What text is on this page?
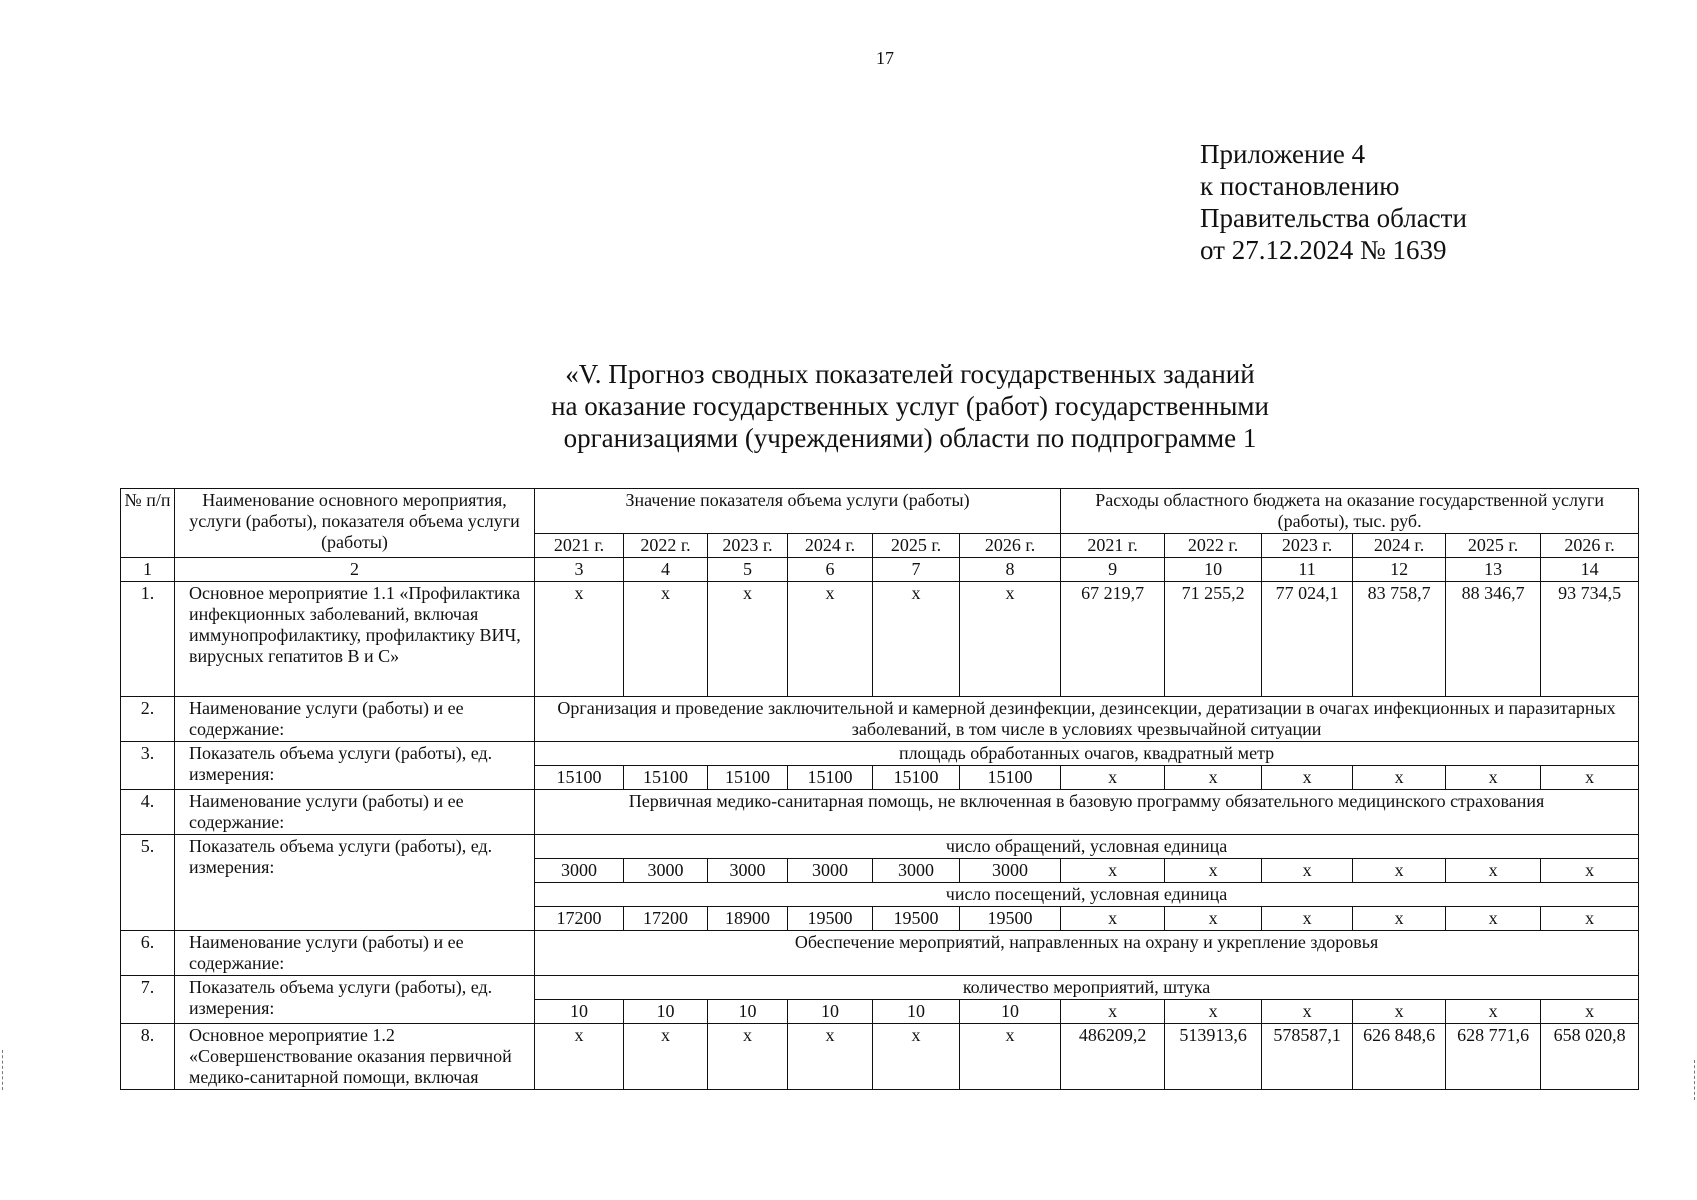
17
Приложение 4
к постановлению
Правительства области
от 27.12.2024 № 1639
«V. Прогноз сводных показателей государственных заданий
на оказание государственных услуг (работ) государственными
организациями (учреждениями) области по подпрограмме 1
№ п/п	Наименование основного мероприятия, услуги (работы), показателя объема услуги (работы)	Значение показателя объема услуги (работы)						Расходы областного бюджета на оказание государственной услуги (работы), тыс. руб.					
		2021 г.	2022 г.	2023 г.	2024 г.	2025 г.	2026 г.	2021 г.	2022 г.	2023 г.	2024 г.	2025 г.	2026 г.
1	2	3	4	5	6	7	8	9	10	11	12	13	14
1.	Основное мероприятие 1.1 «Профилактика инфекционных заболеваний, включая иммунопрофилактику, профилактику ВИЧ, вирусных гепатитов В и С»	x	x	x	x	x	x	67 219,7	71 255,2	77 024,1	83 758,7	88 346,7	93 734,5
2.	Наименование услуги (работы) и ее содержание:	Организация и проведение заключительной и камерной дезинфекции, дезинсекции, дератизации в очагах инфекционных и паразитарных заболеваний, в том числе в условиях чрезвычайной ситуации											
3.	Показатель объема услуги (работы), ед. измерения:	площадь обработанных очагов, квадратный метр											
		15100	15100	15100	15100	15100	15100	x	x	x	x	x	x
4.	Наименование услуги (работы) и ее содержание:	Первичная медико-санитарная помощь, не включенная в базовую программу обязательного медицинского страхования											
5.	Показатель объема услуги (работы), ед. измерения:	число обращений, условная единица											
		3000	3000	3000	3000	3000	3000	x	x	x	x	x	x
		число посещений, условная единица											
		17200	17200	18900	19500	19500	19500	x	x	x	x	x	x
6.	Наименование услуги (работы) и ее содержание:	Обеспечение мероприятий, направленных на охрану и укрепление здоровья											
7.	Показатель объема услуги (работы), ед. измерения:	количество мероприятий, штука											
		10	10	10	10	10	10	x	x	x	x	x	x
8.	Основное мероприятие 1.2 «Совершенствование оказания первичной медико-санитарной помощи, включая	x	x	x	x	x	x	486209,2	513913,6	578587,1	626 848,6	628 771,6	658 020,8
